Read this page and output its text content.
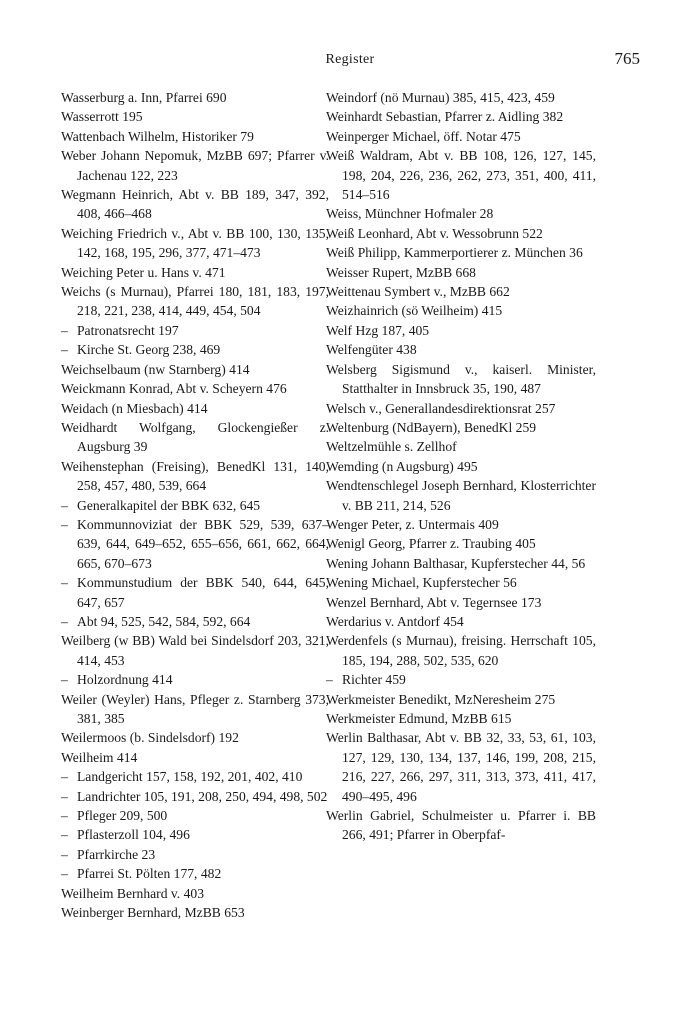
Register	765
Wasserburg a. Inn, Pfarrei 690
Wasserrott 195
Wattenbach Wilhelm, Historiker 79
Weber Johann Nepomuk, MzBB 697; Pfarrer v. Jachenau 122, 223
Wegmann Heinrich, Abt v. BB 189, 347, 392, 408, 466–468
Weiching Friedrich v., Abt v. BB 100, 130, 135, 142, 168, 195, 296, 377, 471–473
Weiching Peter u. Hans v. 471
Weichs (s Murnau), Pfarrei 180, 181, 183, 197, 218, 221, 238, 414, 449, 454, 504
– Patronatsrecht 197
– Kirche St. Georg 238, 469
Weichselbaum (nw Starnberg) 414
Weickmann Konrad, Abt v. Scheyern 476
Weidach (n Miesbach) 414
Weidhardt Wolfgang, Glockengießer z. Augsburg 39
Weihenstephan (Freising), BenedKl 131, 140, 258, 457, 480, 539, 664
– Generalkapitel der BBK 632, 645
– Kommunnoviziat der BBK 529, 539, 637–639, 644, 649–652, 655–656, 661, 662, 664, 665, 670–673
– Kommunstudium der BBK 540, 644, 645, 647, 657
– Abt 94, 525, 542, 584, 592, 664
Weilberg (w BB) Wald bei Sindelsdorf 203, 321, 414, 453
– Holzordnung 414
Weiler (Weyler) Hans, Pfleger z. Starnberg 373, 381, 385
Weilermoos (b. Sindelsdorf) 192
Weilheim 414
– Landgericht 157, 158, 192, 201, 402, 410
– Landrichter 105, 191, 208, 250, 494, 498, 502
– Pfleger 209, 500
– Pflasterzoll 104, 496
– Pfarrkirche 23
– Pfarrei St. Pölten 177, 482
Weilheim Bernhard v. 403
Weinberger Bernhard, MzBB 653
Weindorf (nö Murnau) 385, 415, 423, 459
Weinhardt Sebastian, Pfarrer z. Aidling 382
Weinperger Michael, öff. Notar 475
Weiß Waldram, Abt v. BB 108, 126, 127, 145, 198, 204, 226, 236, 262, 273, 351, 400, 411, 514–516
Weiss, Münchner Hofmaler 28
Weiß Leonhard, Abt v. Wessobrunn 522
Weiß Philipp, Kammerportierer z. München 36
Weisser Rupert, MzBB 668
Weittenau Symbert v., MzBB 662
Weizhainrich (sö Weilheim) 415
Welf Hzg 187, 405
Welfengüter 438
Welsberg Sigismund v., kaiserl. Minister, Statthalter in Innsbruck 35, 190, 487
Welsch v., Generallandesdirektionsrat 257
Weltenburg (NdBayern), BenedKl 259
Weltzelmühle s. Zellhof
Wemding (n Augsburg) 495
Wendtenschlegel Joseph Bernhard, Klosterrichter v. BB 211, 214, 526
Wenger Peter, z. Untermais 409
Wenigl Georg, Pfarrer z. Traubing 405
Wening Johann Balthasar, Kupferstecher 44, 56
Wening Michael, Kupferstecher 56
Wenzel Bernhard, Abt v. Tegernsee 173
Werdarius v. Antdorf 454
Werdenfels (s Murnau), freising. Herrschaft 105, 185, 194, 288, 502, 535, 620
– Richter 459
Werkmeister Benedikt, MzNeresheim 275
Werkmeister Edmund, MzBB 615
Werlin Balthasar, Abt v. BB 32, 33, 53, 61, 103, 127, 129, 130, 134, 137, 146, 199, 208, 215, 216, 227, 266, 297, 311, 313, 373, 411, 417, 490–495, 496
Werlin Gabriel, Schulmeister u. Pfarrer i. BB 266, 491; Pfarrer in Oberpfaf-
